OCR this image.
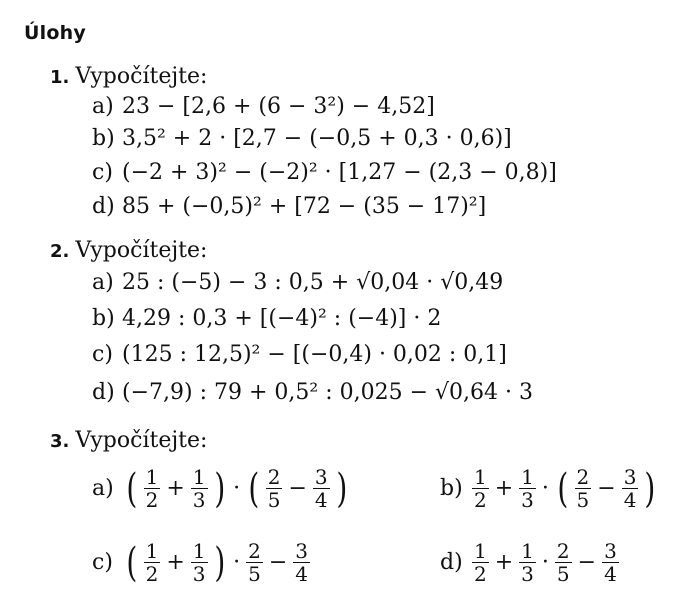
Úlohy
1. Vypočítejte:
a) 23 − [2,6 + (6 − 3²) − 4,52]
b) 3,5² + 2 · [2,7 − (−0,5 + 0,3 · 0,6)]
c) (−2 + 3)² − (−2)² · [1,27 − (2,3 − 0,8)]
d) 85 + (−0,5)² + [72 − (35 − 17)²]
2. Vypočítejte:
a) 25 : (−5) − 3 : 0,5 + √0,04 · √0,49
b) 4,29 : 0,3 + [(−4)² : (−4)] · 2
c) (125 : 12,5)² − [(−0,4) · 0,02 : 0,1]
d) (−7,9) : 79 + 0,5² : 0,025 − √0,64 · 3
3. Vypočítejte:
a) ( $\frac{1}{2} + \frac{1}{3}$ ) · ( $\frac{2}{5} - \frac{3}{4}$ )	$b) \frac{1}{2} + \frac{1}{3}$ · ( $\frac{2}{5} - \frac{3}{4}$ )
c) ( $\frac{1}{2} + \frac{1}{3}$ ) · $\frac{2}{5} - \frac{3}{4}$	$d) \frac{1}{2} + \frac{1}{3} \cdot \frac{2}{5} - \frac{3}{4}$
